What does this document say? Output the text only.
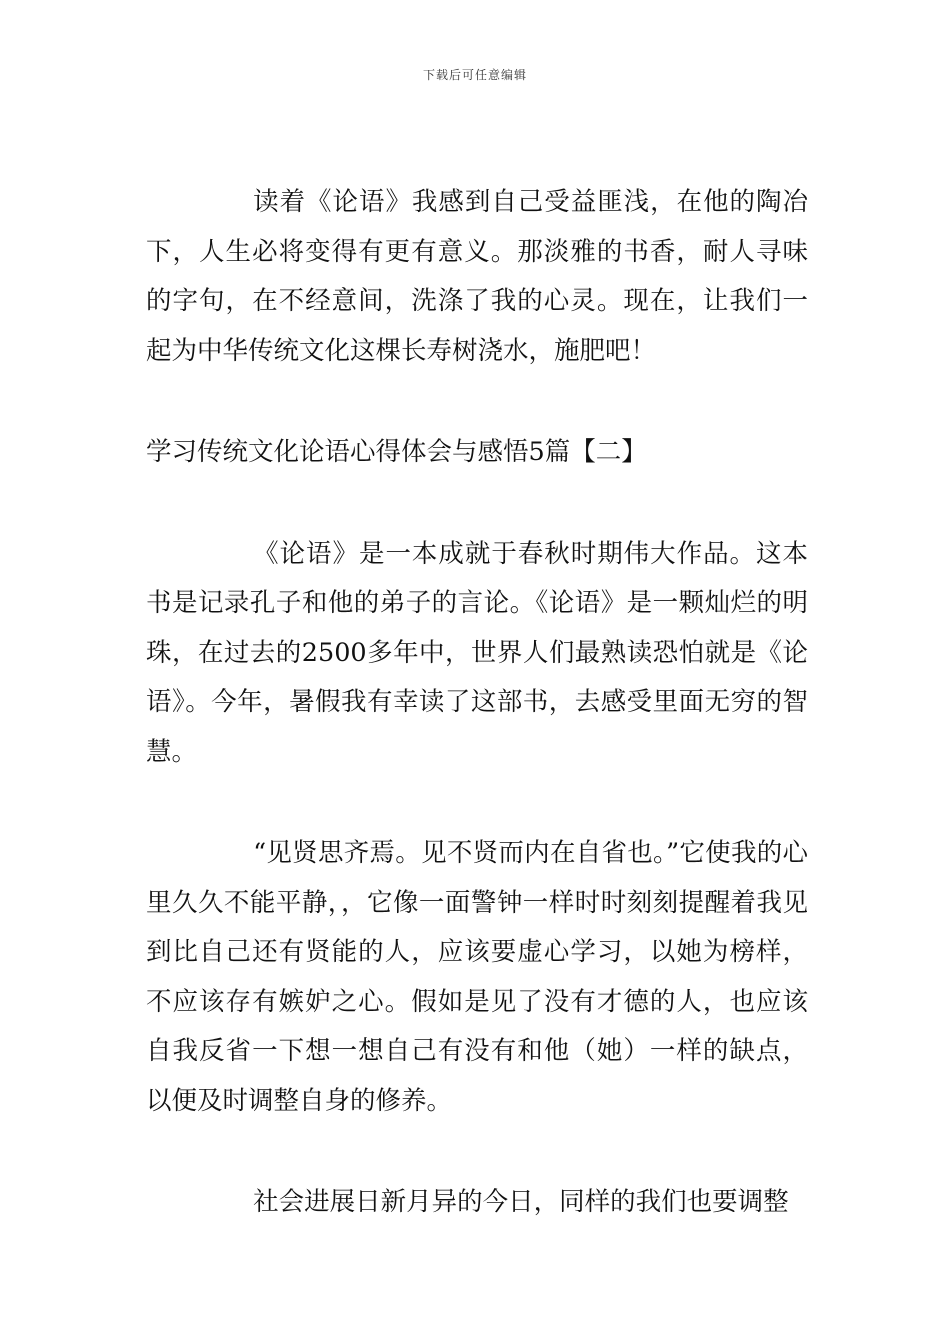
下载后可任意编辑

读着《论语》我感到自己受益匪浅，在他的陶冶下，人生必将变得有更有意义。那淡雅的书香，耐人寻味的字句，在不经意间，洗涤了我的心灵。现在，让我们一起为中华传统文化这棵长寿树浇水，施肥吧！

学习传统文化论语心得体会与感悟5篇【二】

《论语》是一本成就于春秋时期伟大作品。这本书是记录孔子和他的弟子的言论。《论语》是一颗灿烂的明珠，在过去的2500多年中，世界人们最熟读恐怕就是《论语》。今年，暑假我有幸读了这部书，去感受里面无穷的智慧。

“见贤思齐焉。见不贤而内在自省也。”它使我的心里久久不能平静，，它像一面警钟一样时时刻刻提醒着我见到比自己还有贤能的人，应该要虚心学习，以她为榜样，不应该存有嫉妒之心。假如是见了没有才德的人，也应该自我反省一下想一想自己有没有和他（她）一样的缺点，以便及时调整自身的修养。

社会进展日新月异的今日，同样的我们也要调整
